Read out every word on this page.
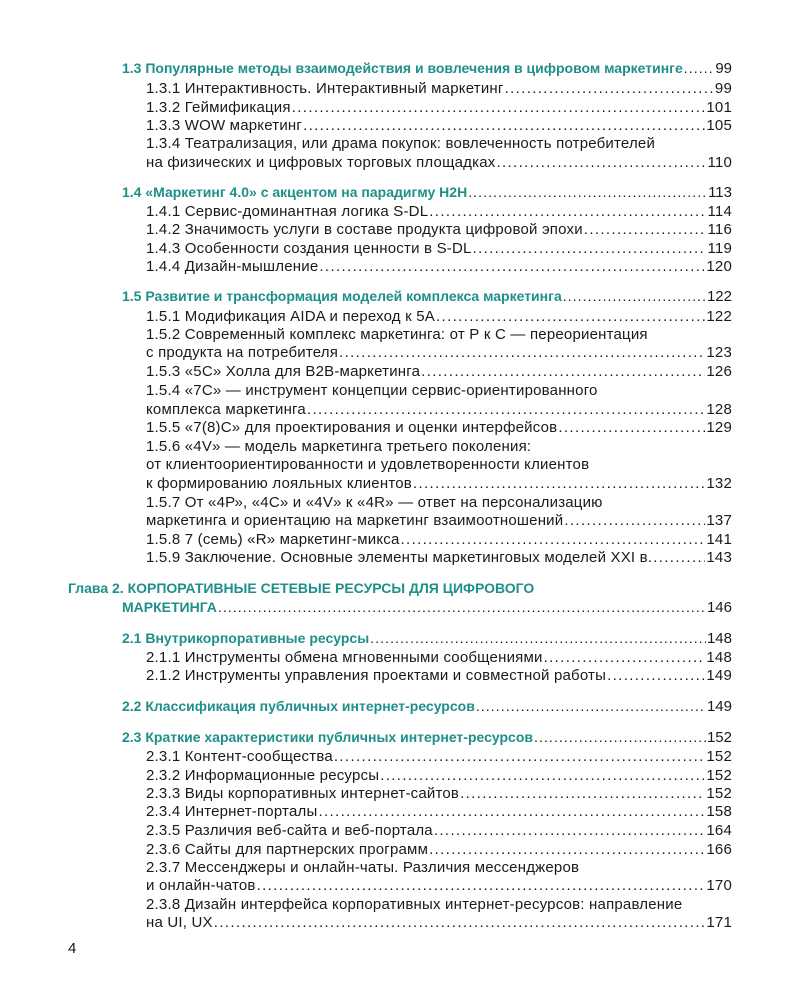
1.3 Популярные методы взаимодействия и вовлечения в цифровом маркетинге . . . 99
1.3.1 Интерактивность. Интерактивный маркетинг . . .	99
1.3.2 Геймификация . . .	101
1.3.3 WOW маркетинг . . .	105
1.3.4 Театрализация, или драма покупок: вовлеченность потребителей
на физических и цифровых торговых площадках . . .	110
1.4 «Маркетинг 4.0» с акцентом на парадигму H2H . . .	113
1.4.1 Сервис-доминантная логика S-DL . . .	114
1.4.2 Значимость услуги в составе продукта цифровой эпохи . . .	116
1.4.3 Особенности создания ценности в S-DL . . .	119
1.4.4 Дизайн-мышление . . .	120
1.5 Развитие и трансформация моделей комплекса маркетинга . . .	122
1.5.1 Модификация AIDA и переход к 5А . . .	122
1.5.2 Современный комплекс маркетинга: от Р к С — переориентация
с продукта на потребителя . . .	123
1.5.3 «5С» Холла для B2B-маркетинга . . .	126
1.5.4 «7С» — инструмент концепции сервис-ориентированного
комплекса маркетинга . . .	128
1.5.5 «7(8)С» для проектирования и оценки интерфейсов . . .	129
1.5.6 «4V» — модель маркетинга третьего поколения:
от клиентоориентированности и удовлетворенности клиентов
к формированию лояльных клиентов . . .	132
1.5.7 От «4Р», «4С» и «4V» к «4R» — ответ на персонализацию
маркетинга и ориентацию на маркетинг взаимоотношений . . .	137
1.5.8 7 (семь) «R» маркетинг-микса . . .	141
1.5.9 Заключение. Основные элементы маркетинговых моделей XXI в. . . .	143
Глава 2. КОРПОРАТИВНЫЕ СЕТЕВЫЕ РЕСУРСЫ ДЛЯ ЦИФРОВОГО
МАРКЕТИНГА . . .	146
2.1 Внутрикорпоративные ресурсы . . .	148
2.1.1 Инструменты обмена мгновенными сообщениями . . .	148
2.1.2 Инструменты управления проектами и совместной работы . . .	149
2.2 Классификация публичных интернет-ресурсов . . .	149
2.3 Краткие характеристики публичных интернет-ресурсов . . .	152
2.3.1 Контент-сообщества . . .	152
2.3.2 Информационные ресурсы . . .	152
2.3.3 Виды корпоративных интернет-сайтов . . .	152
2.3.4 Интернет-порталы . . .	158
2.3.5 Различия веб-сайта и веб-портала . . .	164
2.3.6 Сайты для партнерских программ . . .	166
2.3.7 Мессенджеры и онлайн-чаты. Различия мессенджеров
и онлайн-чатов . . .	170
2.3.8 Дизайн интерфейса корпоративных интернет-ресурсов: направление
на UI, UX . . .	171
4
